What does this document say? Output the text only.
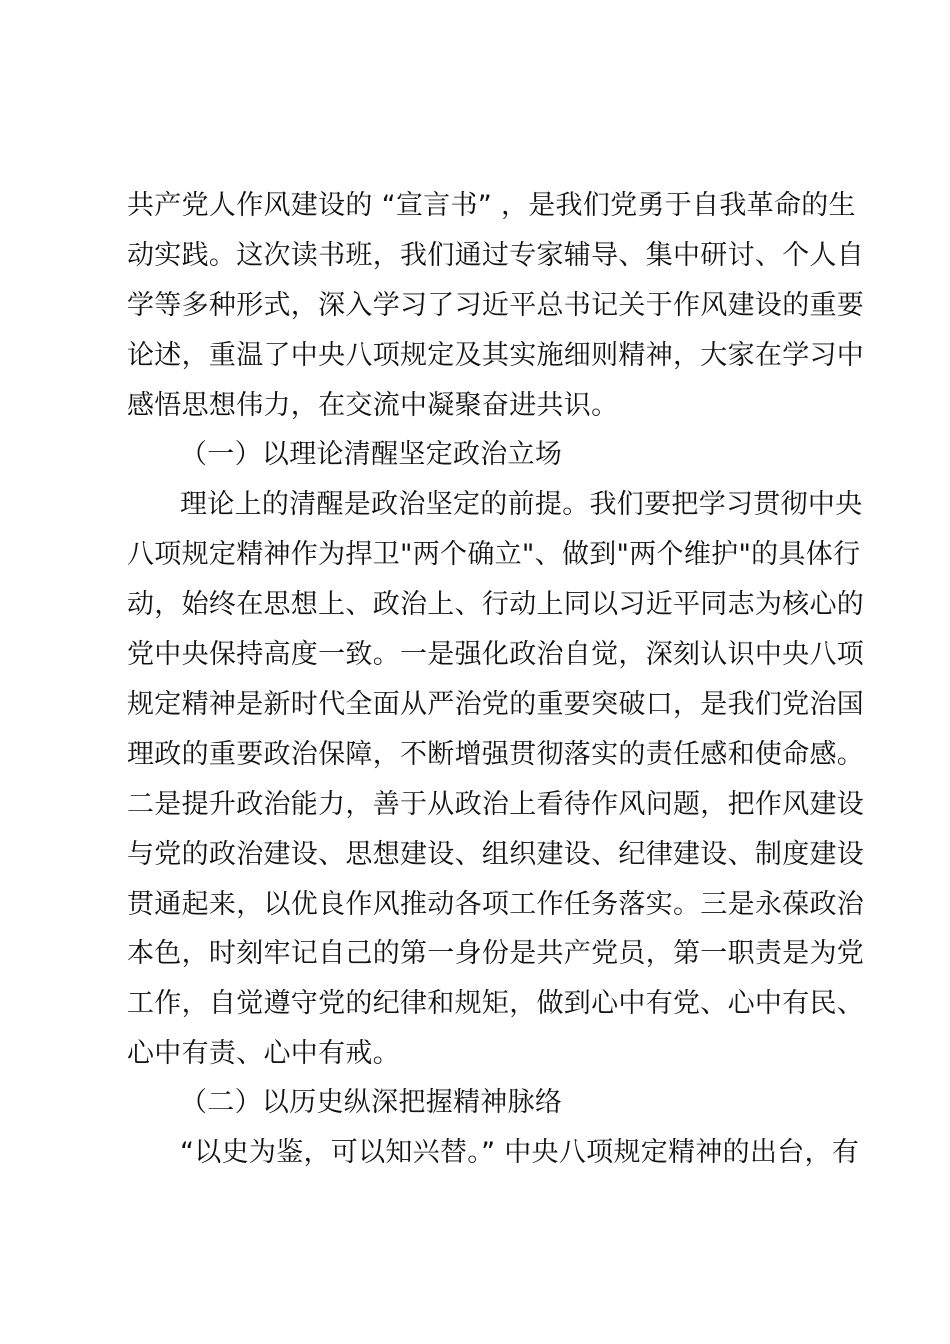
共产党人作风建设的 “宣言书” ，是我们党勇于自我革命的生
动实践。这次读书班，我们通过专家辅导、集中研讨、个人自
学等多种形式，深入学习了习近平总书记关于作风建设的重要
论述，重温了中央八项规定及其实施细则精神，大家在学习中
感悟思想伟力，在交流中凝聚奋进共识。
（一）以理论清醒坚定政治立场
理论上的清醒是政治坚定的前提。我们要把学习贯彻中央
八项规定精神作为捍卫"两个确立"、做到"两个维护"的具体行
动，始终在思想上、政治上、行动上同以习近平同志为核心的
党中央保持高度一致。一是强化政治自觉，深刻认识中央八项
规定精神是新时代全面从严治党的重要突破口，是我们党治国
理政的重要政治保障，不断增强贯彻落实的责任感和使命感。
二是提升政治能力，善于从政治上看待作风问题，把作风建设
与党的政治建设、思想建设、组织建设、纪律建设、制度建设
贯通起来，以优良作风推动各项工作任务落实。三是永葆政治
本色，时刻牢记自己的第一身份是共产党员，第一职责是为党
工作，自觉遵守党的纪律和规矩，做到心中有党、心中有民、
心中有责、心中有戒。
（二）以历史纵深把握精神脉络
“以史为鉴，可以知兴替。” 中央八项规定精神的出台，有
